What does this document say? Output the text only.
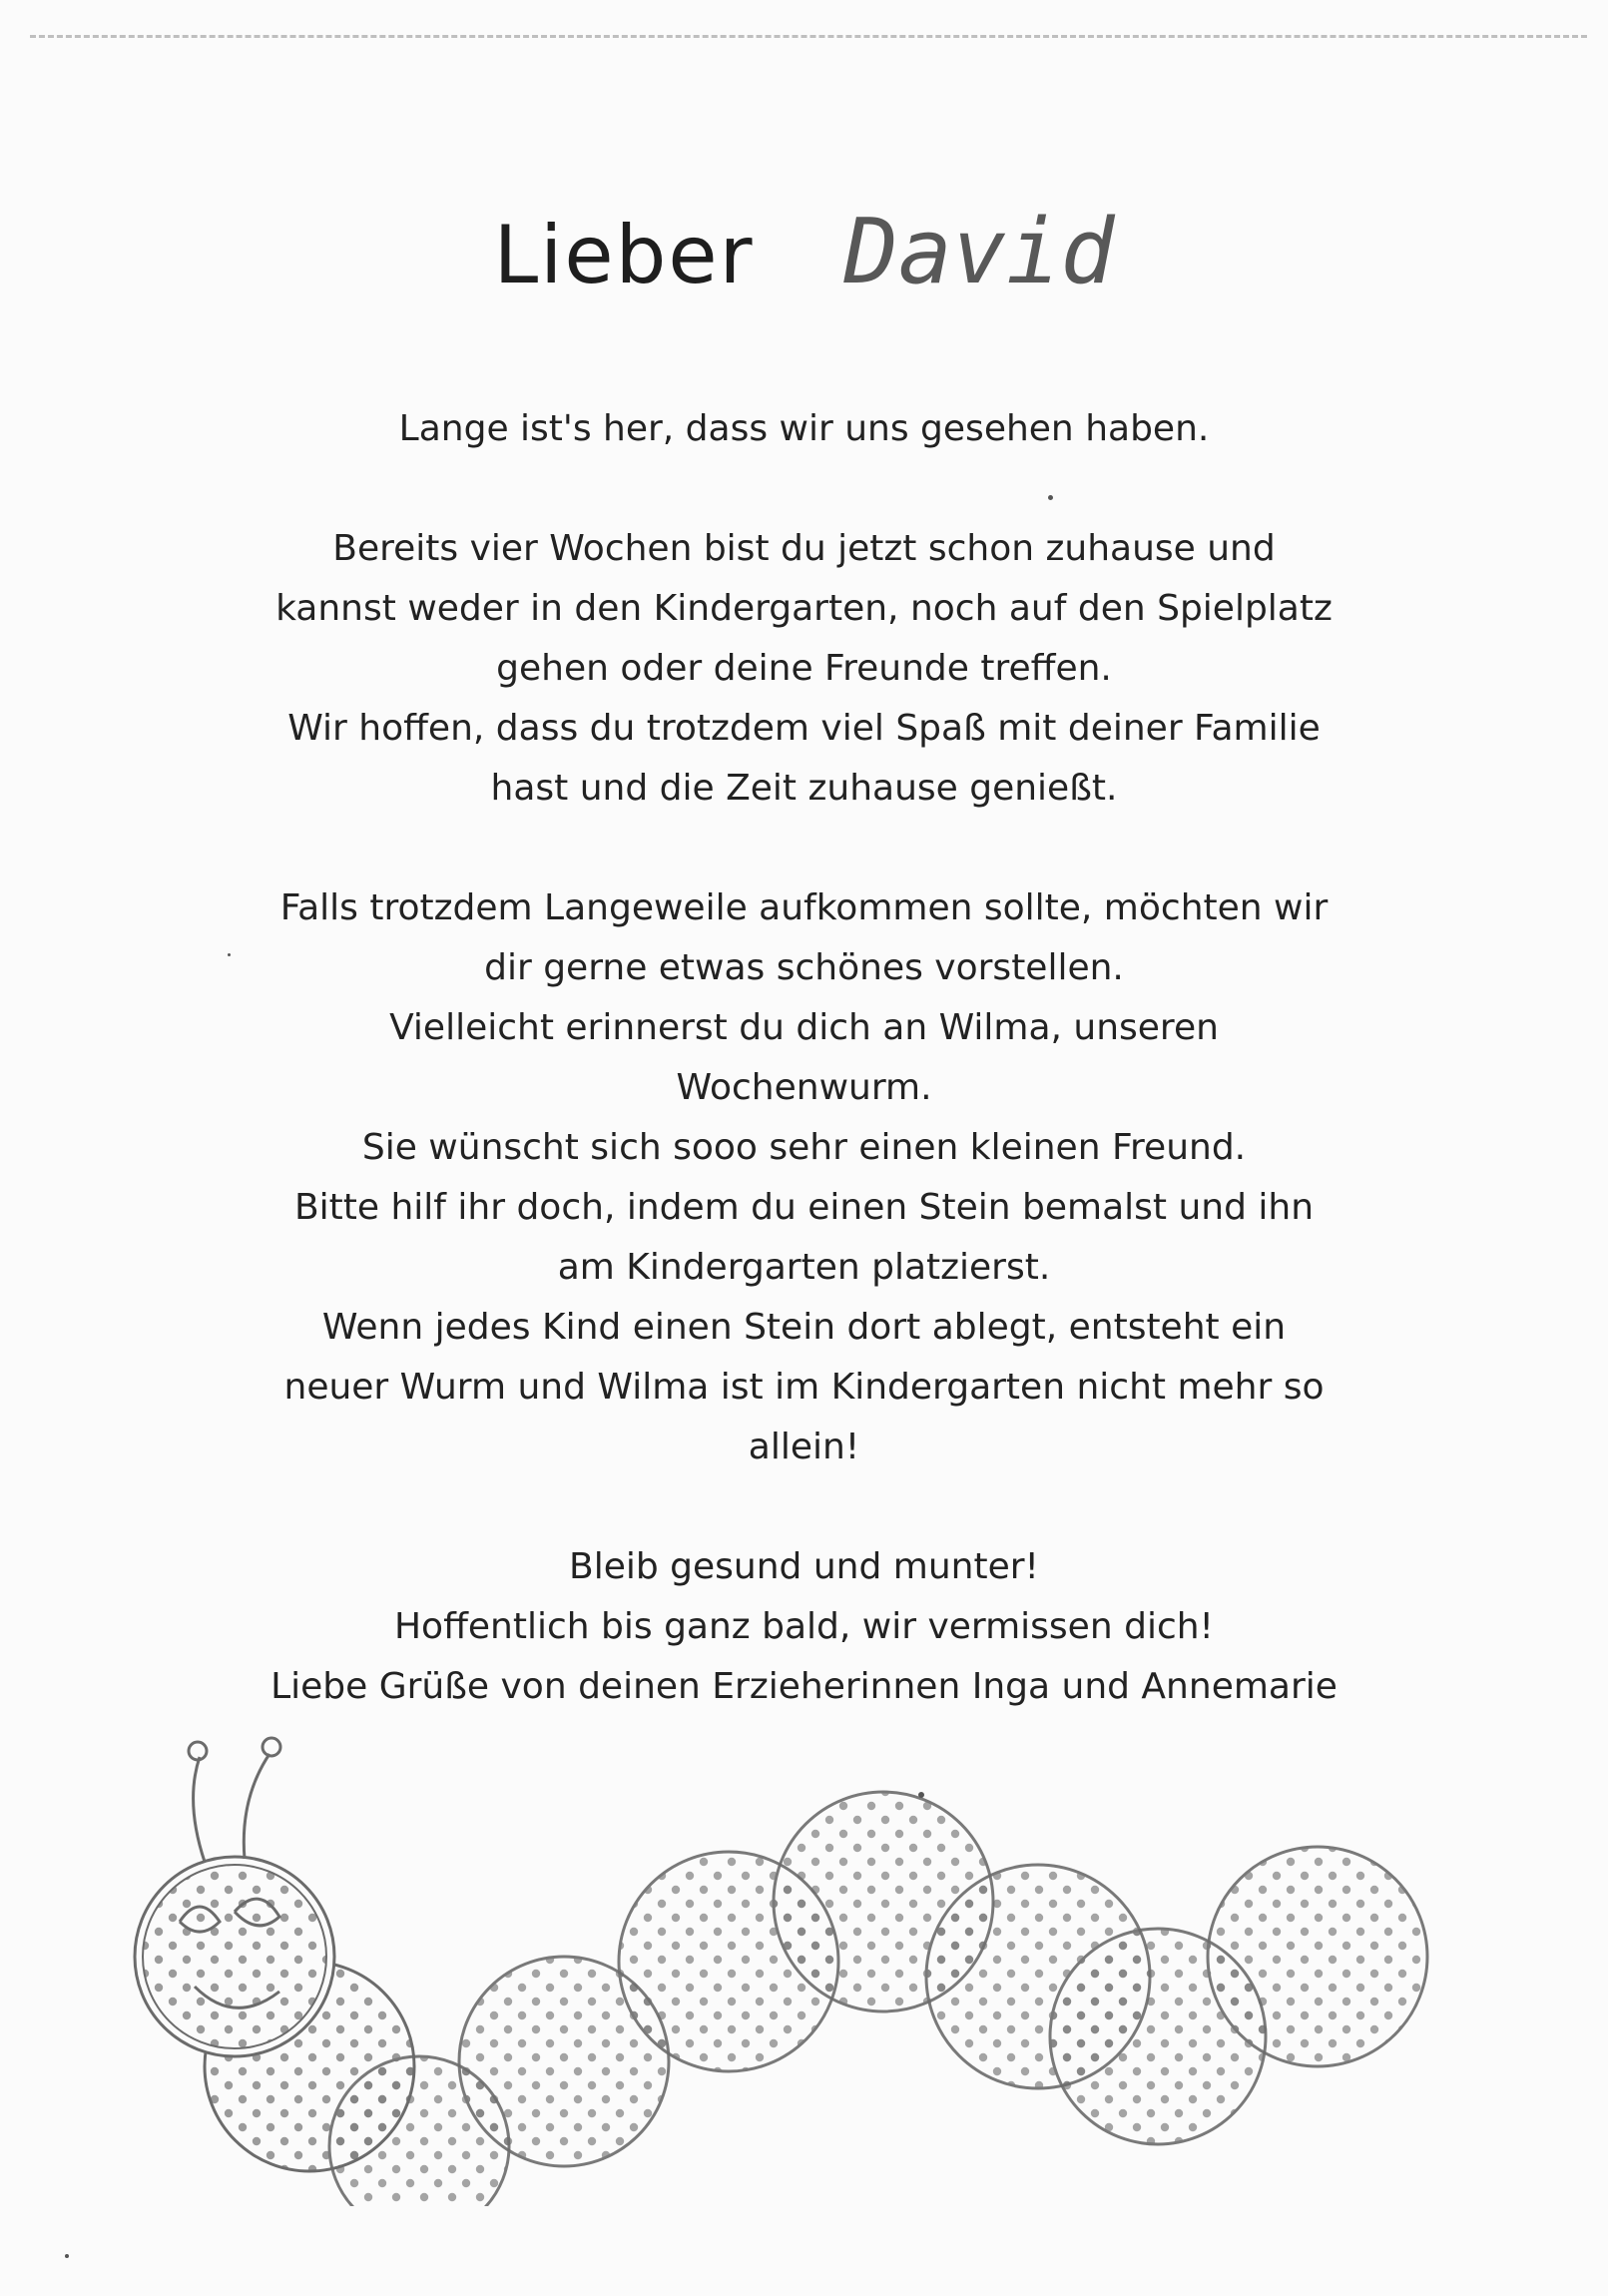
Lieber David
Lange ist's her, dass wir uns gesehen haben.
Bereits vier Wochen bist du jetzt schon zuhause und
kannst weder in den Kindergarten, noch auf den Spielplatz
gehen oder deine Freunde treffen.
Wir hoffen, dass du trotzdem viel Spaß mit deiner Familie
hast und die Zeit zuhause genießt.
Falls trotzdem Langeweile aufkommen sollte, möchten wir
dir gerne etwas schönes vorstellen.
Vielleicht erinnerst du dich an Wilma, unseren
Wochenwurm.
Sie wünscht sich sooo sehr einen kleinen Freund.
Bitte hilf ihr doch, indem du einen Stein bemalst und ihn
am Kindergarten platzierst.
Wenn jedes Kind einen Stein dort ablegt, entsteht ein
neuer Wurm und Wilma ist im Kindergarten nicht mehr so
allein!
Bleib gesund und munter!
Hoffentlich bis ganz bald, wir vermissen dich!
Liebe Grüße von deinen Erzieherinnen Inga und Annemarie
